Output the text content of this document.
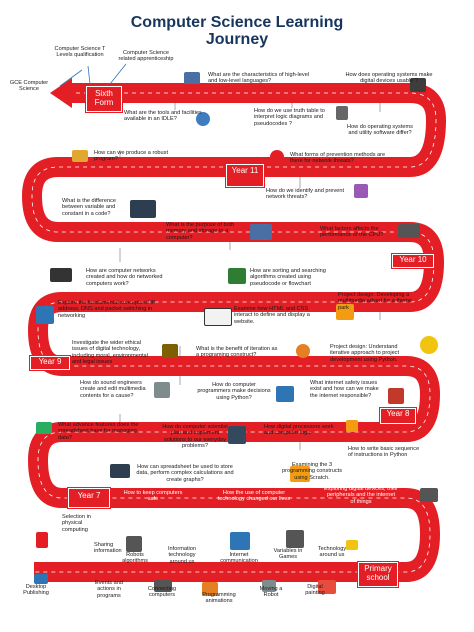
Computer Science Learning
Journey
GCE Computer Science
Computer Science T Levels qualification	Computer Science related apprenticeship
Sixth Form
Year 11
Year 10
Year 9
Year 8
Year 7
Primary school
What are the characteristics of high-level and low-level languages?
How does operating systems make digital devices usable ?
What are the tools and facilities available in an IDLE?
How do we use truth table to interpret logic diagrams and pseudocodes ?
How do operating systems and utility software differ?
How can we produce a robust program?
What forms of prevention methods are there for network threats?
How do we identify and prevent network threats?
What is the difference between variable and constant in a code?
What is the purpose of both memory and storage to a computer?
What factors affects the performance of the CPU?
How are computer networks created and how do networked computers work?
How are sorting and searching algorithms created using pseudocode or flowchart
Explore the fundamental concepts of IP address, DNS and packet switching in networking
Examine how HTML and CSS interact to define and display a website.
Project design: Developing a multimedia advert for a theme park
Investigate the wider ethical issues of digital technology, including moral, environmental and legal issues
What is the benefit of iteration as a programing construct?
Project design: Understand iterative approach to project development using Python.
How do sound engineers create and edit multimedia contents for a cause?
How do computer programmers make decisions using Python?
What internet safety issues exist and how can we make the internet responsible?
What advance features does the spreadsheet have for managing data?
How do computer scientist plan and implement solutions to our everyday problems?
How digital processors work and computer logic
How to write basic sequence of instructions in Python
How can spreadsheet be used to store data, perform complex calculations and create graphs?
Examining the 3 programming constructs using Scratch.
How to keep computers safe
How the use of computer technology changed our lives
Exploring digital devices, their peripherals and the internet of things
Selection in physical computing
Sharing information
Robots algorithms
Information technology around us
Internet communication
Variables in Games
Technology around us
Desktop Publishing
Events and actions in programs
Connecting computers	Programming animations
Moving a Robot
Digital painting
